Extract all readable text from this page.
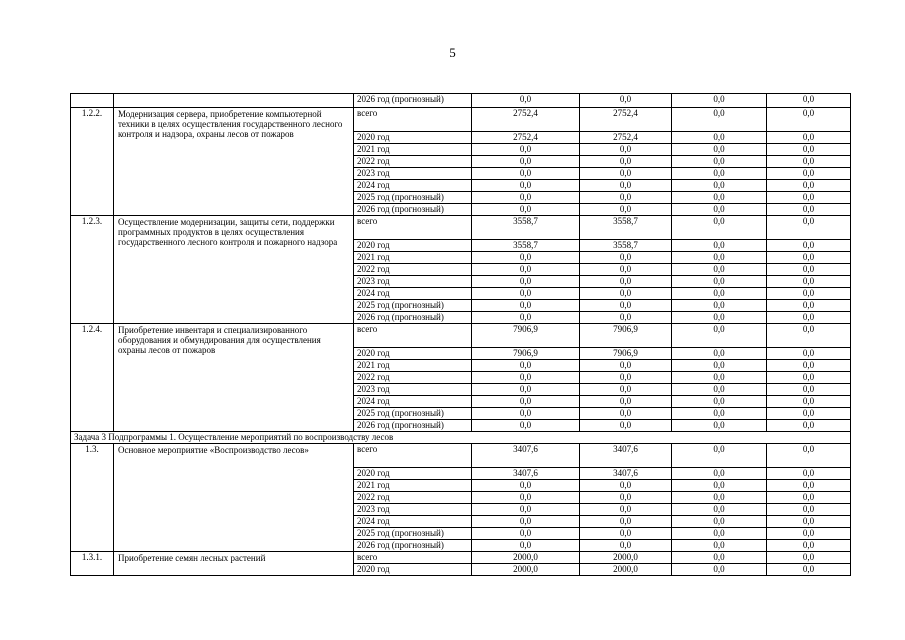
5
		2026 год (прогнозный)	0,0	0,0	0,0	0,0
1.2.2.	Модернизация сервера, приобретение компьютерной техники в целях осуществления государственного лесного контроля и надзора, охраны лесов от пожаров	всего	2752,4	2752,4	0,0	0,0
		2020 год	2752,4	2752,4	0,0	0,0
		2021 год	0,0	0,0	0,0	0,0
		2022 год	0,0	0,0	0,0	0,0
		2023 год	0,0	0,0	0,0	0,0
		2024 год	0,0	0,0	0,0	0,0
		2025 год (прогнозный)	0,0	0,0	0,0	0,0
		2026 год (прогнозный)	0,0	0,0	0,0	0,0
1.2.3.	Осуществление модернизации, защиты сети, поддержки программных продуктов в целях осуществления государственного лесного контроля и пожарного надзора	всего	3558,7	3558,7	0,0	0,0
		2020 год	3558,7	3558,7	0,0	0,0
		2021 год	0,0	0,0	0,0	0,0
		2022 год	0,0	0,0	0,0	0,0
		2023 год	0,0	0,0	0,0	0,0
		2024 год	0,0	0,0	0,0	0,0
		2025 год (прогнозный)	0,0	0,0	0,0	0,0
		2026 год (прогнозный)	0,0	0,0	0,0	0,0
1.2.4.	Приобретение инвентаря и специализированного оборудования и обмундирования для осуществления охраны лесов от пожаров	всего	7906,9	7906,9	0,0	0,0
		2020 год	7906,9	7906,9	0,0	0,0
		2021 год	0,0	0,0	0,0	0,0
		2022 год	0,0	0,0	0,0	0,0
		2023 год	0,0	0,0	0,0	0,0
		2024 год	0,0	0,0	0,0	0,0
		2025 год (прогнозный)	0,0	0,0	0,0	0,0
		2026 год (прогнозный)	0,0	0,0	0,0	0,0
Задача 3 Подпрограммы 1. Осуществление мероприятий по воспроизводству лесов						
1.3.	Основное мероприятие «Воспроизводство лесов»	всего	3407,6	3407,6	0,0	0,0
		2020 год	3407,6	3407,6	0,0	0,0
		2021 год	0,0	0,0	0,0	0,0
		2022 год	0,0	0,0	0,0	0,0
		2023 год	0,0	0,0	0,0	0,0
		2024 год	0,0	0,0	0,0	0,0
		2025 год (прогнозный)	0,0	0,0	0,0	0,0
		2026 год (прогнозный)	0,0	0,0	0,0	0,0
1.3.1.	Приобретение семян лесных растений	всего	2000,0	2000,0	0,0	0,0
		2020 год	2000,0	2000,0	0,0	0,0
